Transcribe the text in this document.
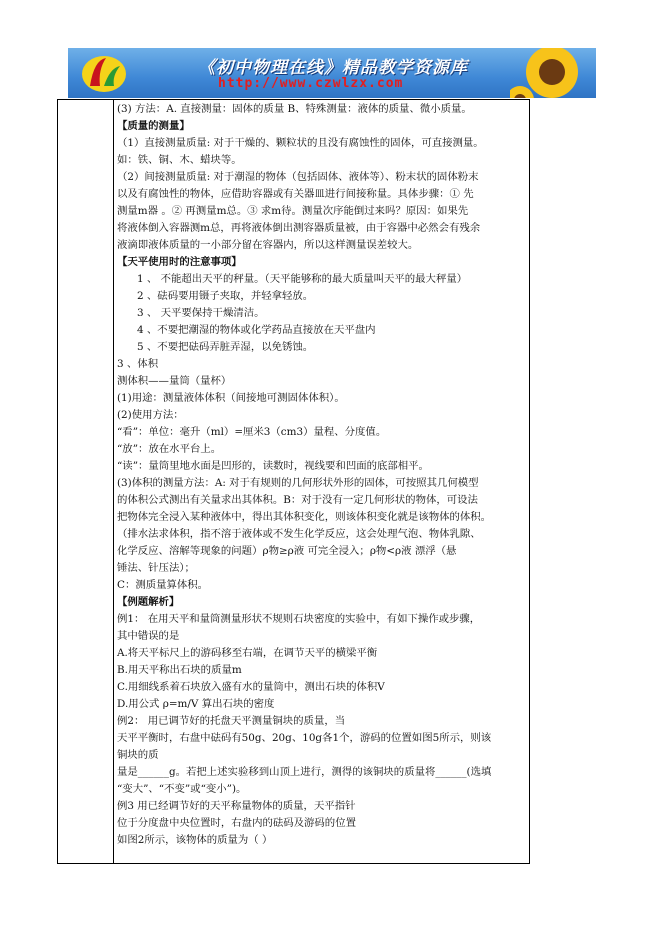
《初中物理在线》精品教学资源库
http://www.czwlzx.com
(3) 方法：A. 直接测量：固体的质量 B、特殊测量：液体的质量、微小质量。
【质量的测量】
（1）直接测量质量: 对于干燥的、颗粒状的且没有腐蚀性的固体，可直接测量。
如：铁、铜、木、蜡块等。
（2）间接测量质量: 对于潮湿的物体（包括固体、液体等）、粉末状的固体粉末
以及有腐蚀性的物体，应借助容器或有关器皿进行间接称量。具体步骤：① 先
测量m器 。② 再测量m总。③ 求m待。测量次序能倒过来吗？原因：如果先
将液体倒入容器测m总，再将液体倒出测容器质量被，由于容器中必然会有残余
液滴即液体质量的一小部分留在容器内，所以这样测量误差较大。
【天平使用时的注意事项】
1 、 不能超出天平的秤量。（天平能够称的最大质量叫天平的最大秤量）
2 、砝码要用镊子夹取，并轻拿轻放。
3 、 天平要保持干燥清洁。
4 、不要把潮湿的物体或化学药品直接放在天平盘内
5 、不要把砝码弄脏弄湿，以免锈蚀。
3 、体积
测体积——量筒（量杯）
(1)用途：测量液体体积（间接地可测固体体积）。
(2)使用方法：
“看”：单位：毫升（ml）=厘米3（cm3）量程、分度值。
“放”：放在水平台上。
“读”：量筒里地水面是凹形的，读数时，视线要和凹面的底部相平。
(3)体积的测量方法：A: 对于有规则的几何形状外形的固体，可按照其几何模型
的体积公式测出有关量求出其体积。B：对于没有一定几何形状的物体，可设法
把物体完全浸入某种液体中，得出其体积变化，则该体积变化就是该物体的体积。
（排水法求体积，指不溶于液体或不发生化学反应，这会处理气泡、物体乳隙、
化学反应、溶解等现象的问题）ρ物≥ρ液 可完全浸入；ρ物<ρ液 漂浮（悬
锤法、针压法）；
C：测质量算体积。
【例题解析】
例1： 在用天平和量筒测量形状不规则石块密度的实验中，有如下操作或步骤，
其中错误的是
A.将天平标尺上的游码移至右端，在调节天平的横梁平衡
B.用天平称出石块的质量m
C.用细线系着石块放入盛有水的量筒中，测出石块的体积V
D.用公式 ρ=m/V 算出石块的密度
例2： 用已调节好的托盘天平测量铜块的质量，当
天平平衡时，右盘中砝码有50g、20g、10g各1个，游码的位置如图5所示，则该
铜块的质
量是______g。若把上述实验移到山顶上进行，测得的该铜块的质量将______(选填
“变大”、“不变”或“变小”)。
例3 用已经调节好的天平称量物体的质量，天平指针
位于分度盘中央位置时，右盘内的砝码及游码的位置
如图2所示，该物体的质量为（ ）
